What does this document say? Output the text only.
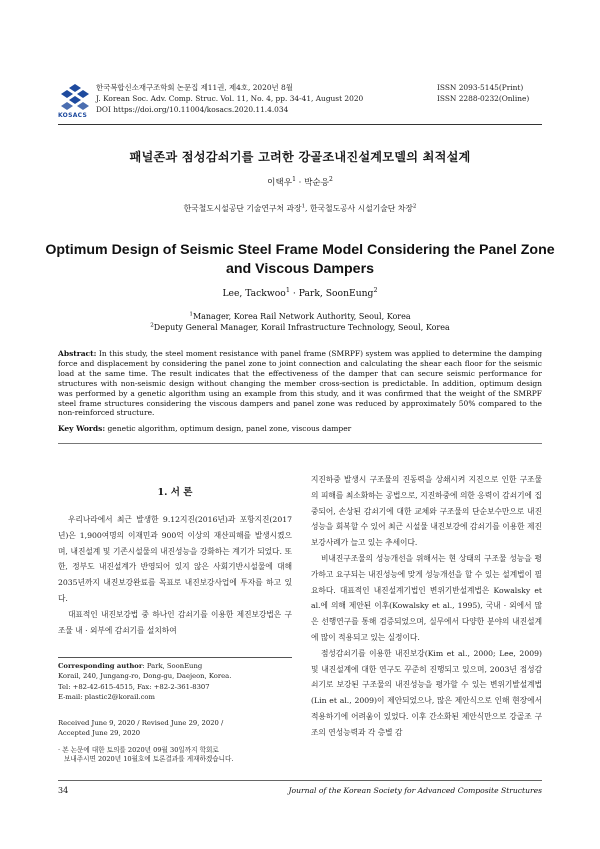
KOSACS
한국복합신소재구조학회 논문집 제11권, 제4호, 2020년 8월
J. Korean Soc. Adv. Comp. Struc. Vol. 11, No. 4, pp. 34-41, August 2020
DOI https://doi.org/10.11004/kosacs.2020.11.4.034
ISSN 2093-5145(Print)
ISSN 2288-0232(Online)
패널존과 점성감쇠기를 고려한 강골조내진설계모델의 최적설계
이택우$^1$ · 박순응$^2$
한국철도시설공단 기술연구처 과장$^1$, 한국철도공사 시설기술단 차장$^2$
Optimum Design of Seismic Steel Frame Model Considering the Panel Zone and Viscous Dampers
Lee, Tackwoo$^1$ · Park, SoonEung$^2$
$^1$Manager, Korea Rail Network Authority, Seoul, Korea
$^2$Deputy General Manager, Korail Infrastructure Technology, Seoul, Korea
Abstract: In this study, the steel moment resistance with panel frame (SMRPF) system was applied to determine the damping force and displacement by considering the panel zone to joint connection and calculating the shear each floor for the seismic load at the same time. The result indicates that the effectiveness of the damper that can secure seismic performance for structures with non-seismic design without changing the member cross-section is predictable. In addition, optimum design was performed by a genetic algorithm using an example from this study, and it was confirmed that the weight of the SMRPF steel frame structures considering the viscous dampers and panel zone was reduced by approximately 50% compared to the non-reinforced structure.
Key Words: genetic algorithm, optimum design, panel zone, viscous damper
1. 서 론

우리나라에서 최근 발생한 9.12지진(2016년)과 포항지진(2017년)은 1,900여명의 이재민과 900억 이상의 재산피해를 발생시켰으며, 내진설계 및 기존시설물의 내진성능을 강화하는 계기가 되었다. 또한, 정부도 내진설계가 반영되어 있지 않은 사회기반시설물에 대해 2035년까지 내진보강완료를 목표로 내진보강사업에 투자를 하고 있다.

대표적인 내진보강법 중 하나인 감쇠기를 이용한 제진보강법은 구조물 내 · 외부에 감쇠기를 설치하여

지진하중 발생시 구조물의 진동력을 상쇄시켜 지진으로 인한 구조물의 피해를 최소화하는 공법으로, 지진하중에 의한 응력이 감쇠기에 집중되어, 손상된 감쇠기에 대한 교체와 구조물의 단순보수만으로 내진성능을 회복할 수 있어 최근 시설물 내진보강에 감쇠기를 이용한 제진보강사례가 늘고 있는 추세이다.

비내진구조물의 성능개선을 위해서는 현 상태의 구조물 성능을 평가하고 요구되는 내진성능에 맞게 성능개선을 할 수 있는 설계법이 필요하다. 대표적인 내진설계기법인 변위기반설계법은 Kowalsky et al.에 의해 제안된 이후(Kowalsky et al., 1995), 국내 · 외에서 많은 선행연구를 통해 검증되었으며, 실무에서 다양한 분야의 내진설계에 많이 적용되고 있는 실정이다.

점성감쇠기를 이용한 내진보강(Kim et al., 2000; Lee, 2009) 및 내진설계에 대한 연구도 꾸준히 진행되고 있으며, 2003년 점성감쇠기로 보강된 구조물의 내진성능을 평가할 수 있는 변위기발설계법(Lin et al., 2009)이 제안되었으나, 많은 제안식으로 인해 현장에서 적용하기에 어려움이 있었다. 이후 간소화된 제안식만으로 강골조 구조의 연성능력과 각 층별 감

Corresponding author: Park, SoonEung
Korail, 240, Jungang-ro, Dong-gu, Daejeon, Korea.
Tel: +82-42-615-4515, Fax: +82-2-361-8307
E-mail: plastic2@korail.com
Received June 9, 2020 / Revised June 29, 2020 /
Accepted June 29, 2020
· 본 논문에 대한 토의를 2020년 09월 30일까지 학회로
보내주시면 2020년 10월호에 토론결과를 게재하겠습니다.
34	Journal of the Korean Society for Advanced Composite Structures
